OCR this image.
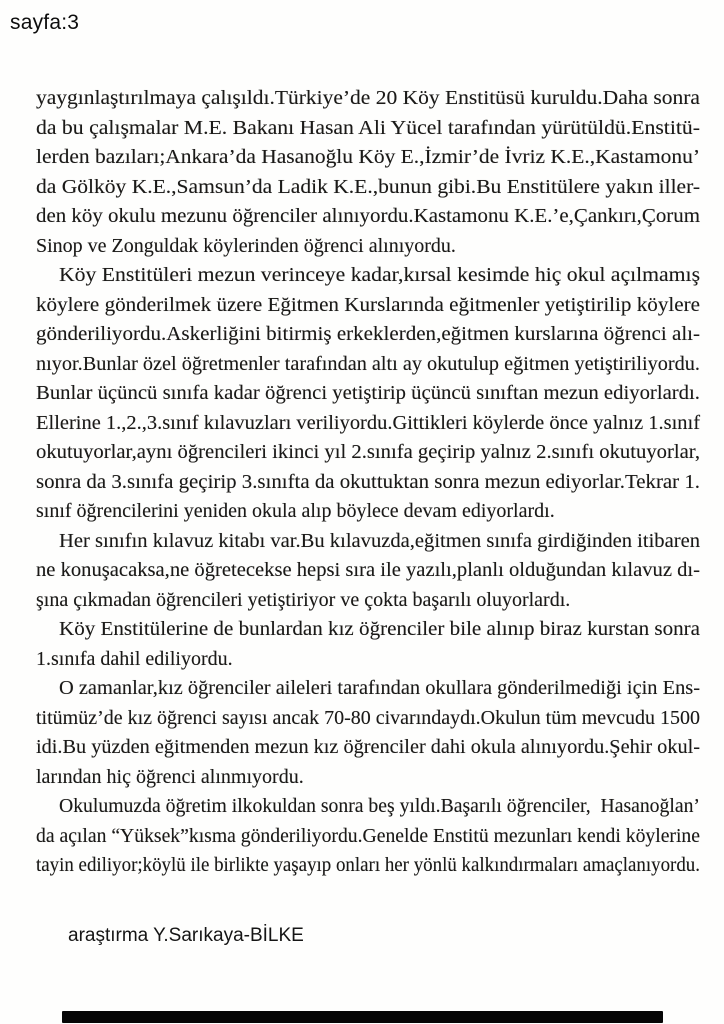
sayfa:3
yaygınlaştırılmaya çalışıldı.Türkiye’de 20 Köy Enstitüsü kuruldu.Daha sonra
da bu çalışmalar M.E. Bakanı Hasan Ali Yücel tarafından yürütüldü.Enstitü-
lerden bazıları;Ankara’da Hasanoğlu Köy E.,İzmir’de İvriz K.E.,Kastamonu’
da Gölköy K.E.,Samsun’da Ladik K.E.,bunun gibi.Bu Enstitülere yakın iller-
den köy okulu mezunu öğrenciler alınıyordu.Kastamonu K.E.’e,Çankırı,Çorum
Sinop ve Zonguldak köylerinden öğrenci alınıyordu.
Köy Enstitüleri mezun verinceye kadar,kırsal kesimde hiç okul açılmamış
köylere gönderilmek üzere Eğitmen Kurslarında eğitmenler yetiştirilip köylere
gönderiliyordu.Askerliğini bitirmiş erkeklerden,eğitmen kurslarına öğrenci alı-
nıyor.Bunlar özel öğretmenler tarafından altı ay okutulup eğitmen yetiştiriliyordu.
Bunlar üçüncü sınıfa kadar öğrenci yetiştirip üçüncü sınıftan mezun ediyorlardı.
Ellerine 1.,2.,3.sınıf kılavuzları veriliyordu.Gittikleri köylerde önce yalnız 1.sınıf
okutuyorlar,aynı öğrencileri ikinci yıl 2.sınıfa geçirip yalnız 2.sınıfı okutuyorlar,
sonra da 3.sınıfa geçirip 3.sınıfta da okuttuktan sonra mezun ediyorlar.Tekrar 1.
sınıf öğrencilerini yeniden okula alıp böylece devam ediyorlardı.
Her sınıfın kılavuz kitabı var.Bu kılavuzda,eğitmen sınıfa girdiğinden itibaren
ne konuşacaksa,ne öğretecekse hepsi sıra ile yazılı,planlı olduğundan kılavuz dı-
şına çıkmadan öğrencileri yetiştiriyor ve çokta başarılı oluyorlardı.
Köy Enstitülerine de bunlardan kız öğrenciler bile alınıp biraz kurstan sonra
1.sınıfa dahil ediliyordu.
O zamanlar,kız öğrenciler aileleri tarafından okullara gönderilmediği için Ens-
titümüz’de kız öğrenci sayısı ancak 70-80 civarındaydı.Okulun tüm mevcudu 1500
idi.Bu yüzden eğitmenden mezun kız öğrenciler dahi okula alınıyordu.Şehir okul-
larından hiç öğrenci alınmıyordu.
Okulumuzda öğretim ilkokuldan sonra beş yıldı.Başarılı öğrenciler,  Hasanoğlan’
da açılan “Yüksek”kısma gönderiliyordu.Genelde Enstitü mezunları kendi köylerine
tayin ediliyor;köylü ile birlikte yaşayıp onları her yönlü kalkındırmaları amaçlanıyordu.
araştırma Y.Sarıkaya-BİLKE
